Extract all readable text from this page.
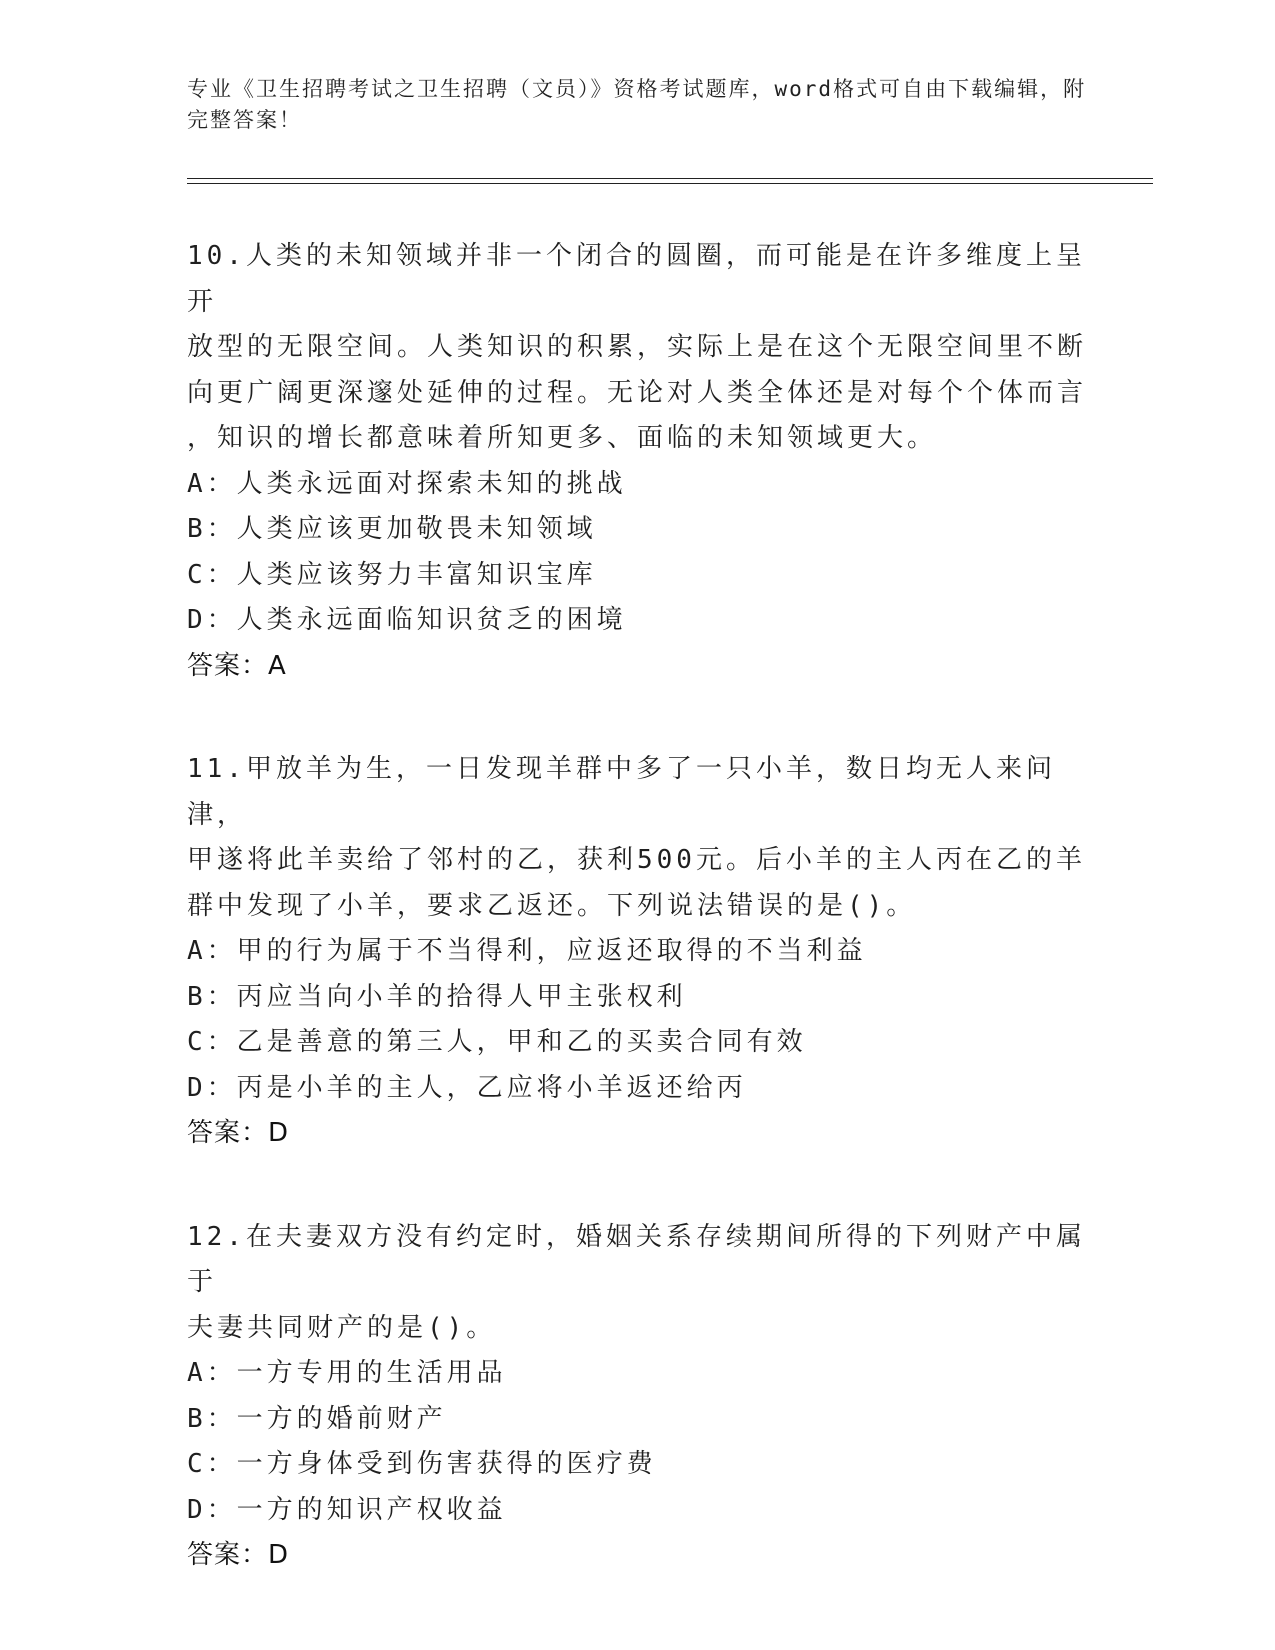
专业《卫生招聘考试之卫生招聘（文员）》资格考试题库，word格式可自由下载编辑，附完整答案！

10.人类的未知领域并非一个闭合的圆圈，而可能是在许多维度上呈开

放型的无限空间。人类知识的积累，实际上是在这个无限空间里不断

向更广阔更深邃处延伸的过程。无论对人类全体还是对每个个体而言

，知识的增长都意味着所知更多、面临的未知领域更大。

A：人类永远面对探索未知的挑战

B：人类应该更加敬畏未知领域

C：人类应该努力丰富知识宝库

D：人类永远面临知识贫乏的困境

答案：A

11.甲放羊为生，一日发现羊群中多了一只小羊，数日均无人来问津，

甲遂将此羊卖给了邻村的乙，获利500元。后小羊的主人丙在乙的羊

群中发现了小羊，要求乙返还。下列说法错误的是()。

A：甲的行为属于不当得利，应返还取得的不当利益

B：丙应当向小羊的拾得人甲主张权利

C：乙是善意的第三人，甲和乙的买卖合同有效

D：丙是小羊的主人，乙应将小羊返还给丙

答案：D

12.在夫妻双方没有约定时，婚姻关系存续期间所得的下列财产中属于

夫妻共同财产的是()。

A：一方专用的生活用品

B：一方的婚前财产

C：一方身体受到伤害获得的医疗费

D：一方的知识产权收益

答案：D
